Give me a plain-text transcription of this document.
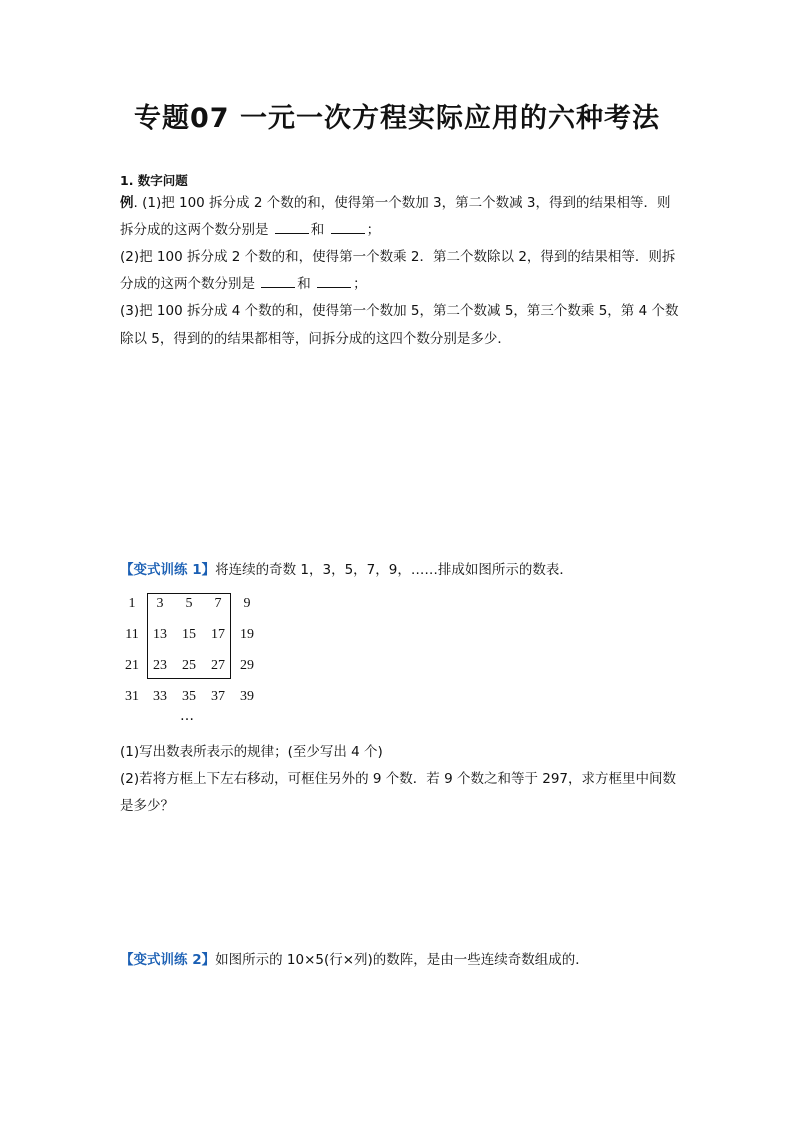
专题07 一元一次方程实际应用的六种考法
1. 数字问题
例. (1)把 100 拆分成 2 个数的和，使得第一个数加 3，第二个数减 3，得到的结果相等．则
拆分成的这两个数分别是	和	；
(2)把 100 拆分成 2 个数的和，使得第一个数乘 2．第二个数除以 2，得到的结果相等．则拆
分成的这两个数分别是	和	；
(3)把 100 拆分成 4 个数的和，使得第一个数加 5，第二个数减 5，第三个数乘 5，第 4 个数
除以 5，得到的的结果都相等，问拆分成的这四个数分别是多少．
【变式训练 1】将连续的奇数 1，3，5，7，9，……排成如图所示的数表．
1	3	5	7	9
11	13	15	17	19
21	23	25	27	29
31	33	35	37	39
…
(1)写出数表所表示的规律；(至少写出 4 个)
(2)若将方框上下左右移动，可框住另外的 9 个数．若 9 个数之和等于 297，求方框里中间数
是多少？
【变式训练 2】如图所示的 10×5(行×列)的数阵，是由一些连续奇数组成的．
